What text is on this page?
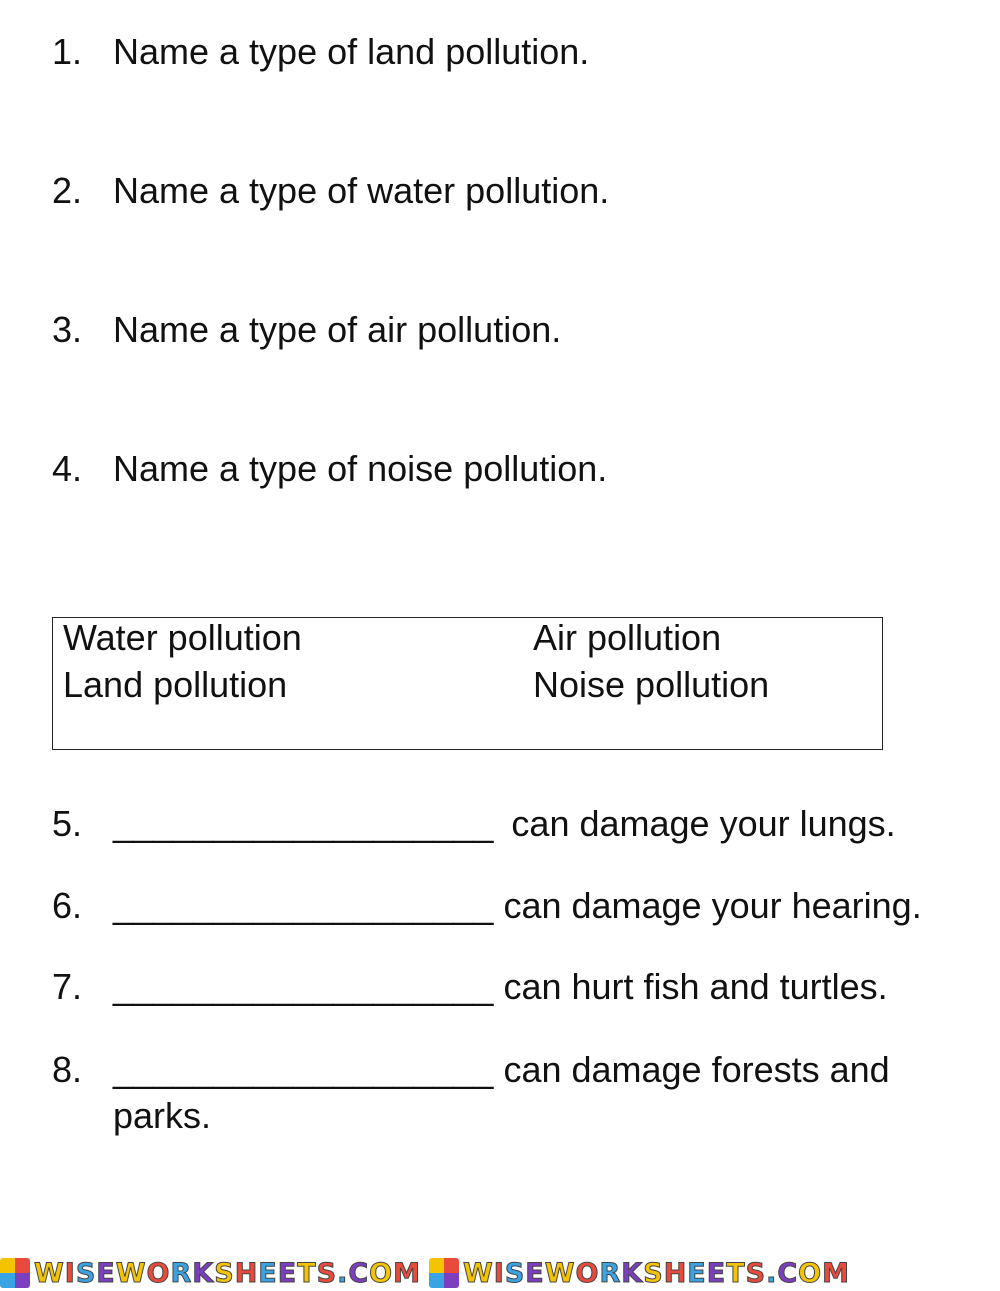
1. Name a type of land pollution.
2. Name a type of water pollution.
3. Name a type of air pollution.
4. Name a type of noise pollution.
Water pollution	Air pollution
Land pollution	Noise pollution
5. ___________________ can damage your lungs.
6. ___________________ can damage your hearing.
7. ___________________ can hurt fish and turtles.
8. ___________________ can damage forests and
parks.
WISEWORKSHEETS.COM WISEWORKSHEETS.COM
